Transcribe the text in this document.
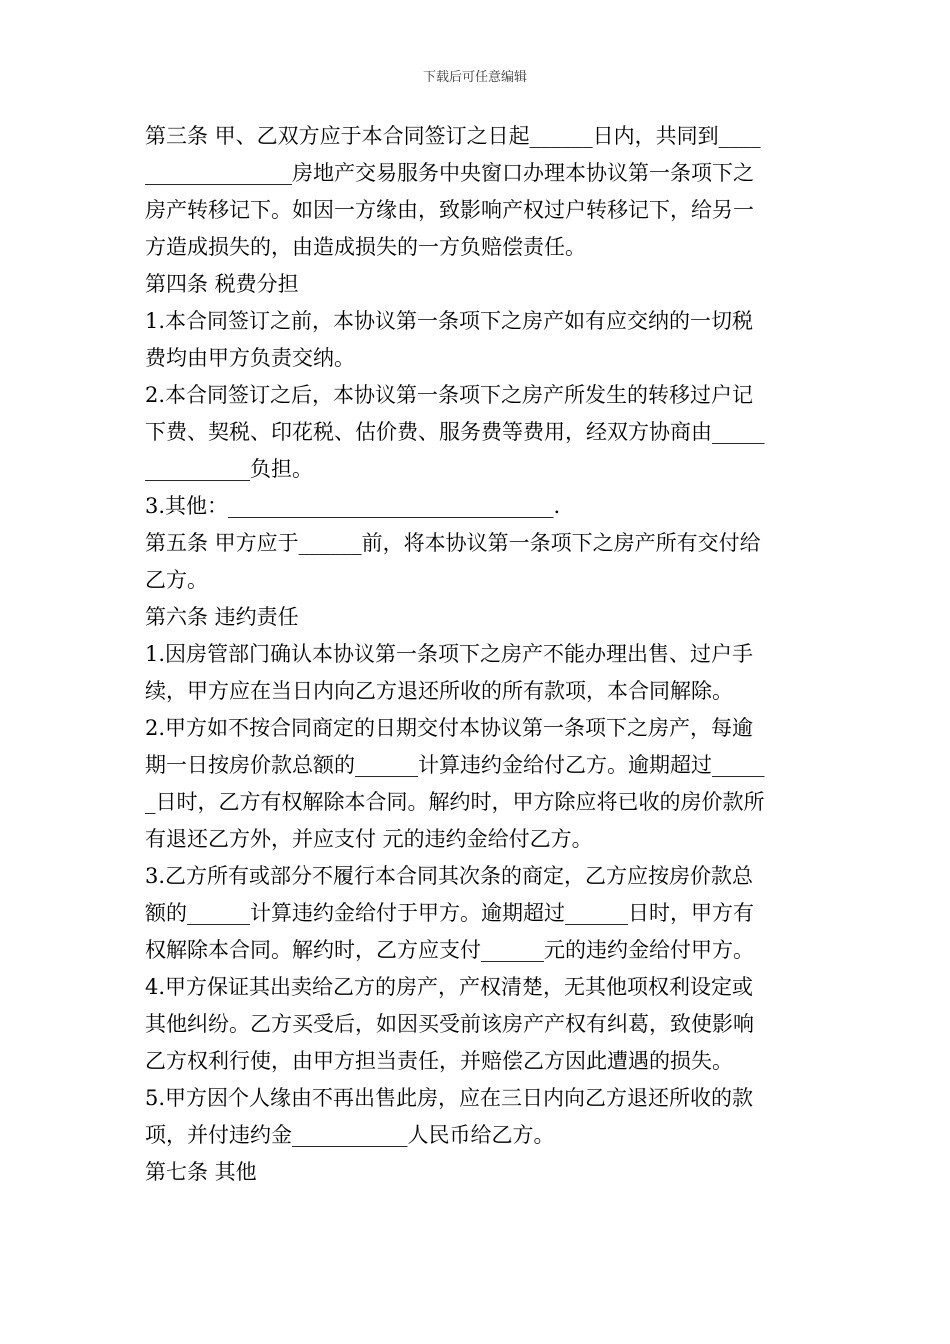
下载后可任意编辑

第三条 甲、乙双方应于本合同签订之日起______日内，共同到____
______________房地产交易服务中央窗口办理本协议第一条项下之
房产转移记下。如因一方缘由，致影响产权过户转移记下，给另一
方造成损失的，由造成损失的一方负赔偿责任。

第四条 税费分担

1.本合同签订之前，本协议第一条项下之房产如有应交纳的一切税
费均由甲方负责交纳。

2.本合同签订之后，本协议第一条项下之房产所发生的转移过户记
下费、契税、印花税、估价费、服务费等费用，经双方协商由_____
__________负担。

3.其他：_______________________________.

第五条 甲方应于______前，将本协议第一条项下之房产所有交付给
乙方。

第六条 违约责任

1.因房管部门确认本协议第一条项下之房产不能办理出售、过户手
续，甲方应在当日内向乙方退还所收的所有款项，本合同解除。

2.甲方如不按合同商定的日期交付本协议第一条项下之房产，每逾
期一日按房价款总额的______计算违约金给付乙方。逾期超过_____
_日时，乙方有权解除本合同。解约时，甲方除应将已收的房价款所
有退还乙方外，并应支付 元的违约金给付乙方。

3.乙方所有或部分不履行本合同其次条的商定，乙方应按房价款总
额的______计算违约金给付于甲方。逾期超过______日时，甲方有
权解除本合同。解约时，乙方应支付______元的违约金给付甲方。

4.甲方保证其出卖给乙方的房产，产权清楚，无其他项权利设定或
其他纠纷。乙方买受后，如因买受前该房产产权有纠葛，致使影响
乙方权利行使，由甲方担当责任，并赔偿乙方因此遭遇的损失。

5.甲方因个人缘由不再出售此房，应在三日内向乙方退还所收的款
项，并付违约金___________人民币给乙方。

第七条 其他
